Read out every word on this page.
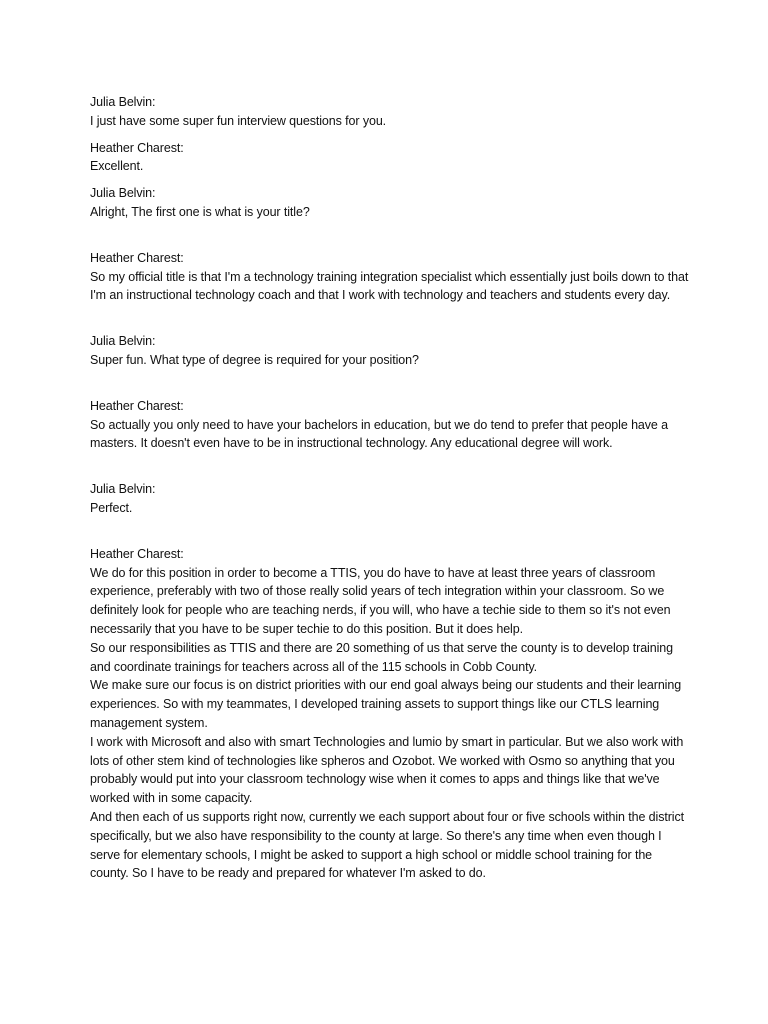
Julia Belvin:

I just have some super fun interview questions for you.

Heather Charest:

Excellent.

Julia Belvin:

Alright, The first one is what is your title?

Heather Charest:

So my official title is that I'm a technology training integration specialist which essentially just boils down to that I'm an instructional technology coach and that I work with technology and teachers and students every day.

Julia Belvin:

Super fun. What type of degree is required for your position?

Heather Charest:

So actually you only need to have your bachelors in education, but we do tend to prefer that people have a masters. It doesn't even have to be in instructional technology. Any educational degree will work.

Julia Belvin:

Perfect.

Heather Charest:

We do for this position in order to become a TTIS, you do have to have at least three years of classroom experience, preferably with two of those really solid years of tech integration within your classroom. So we definitely look for people who are teaching nerds, if you will, who have a techie side to them so it's not even necessarily that you have to be super techie to do this position. But it does help.

So our responsibilities as TTIS and there are 20 something of us that serve the county is to develop training and coordinate trainings for teachers across all of the 115 schools in Cobb County.

We make sure our focus is on district priorities with our end goal always being our students and their learning experiences. So with my teammates, I developed training assets to support things like our CTLS learning management system.

I work with Microsoft and also with smart Technologies and lumio by smart in particular. But we also work with lots of other stem kind of technologies like spheros and Ozobot. We worked with Osmo so anything that you probably would put into your classroom technology wise when it comes to apps and things like that we've worked with in some capacity.

And then each of us supports right now, currently we each support about four or five schools within the district specifically, but we also have responsibility to the county at large. So there's any time when even though I serve for elementary schools, I might be asked to support a high school or middle school training for the county. So I have to be ready and prepared for whatever I'm asked to do.
